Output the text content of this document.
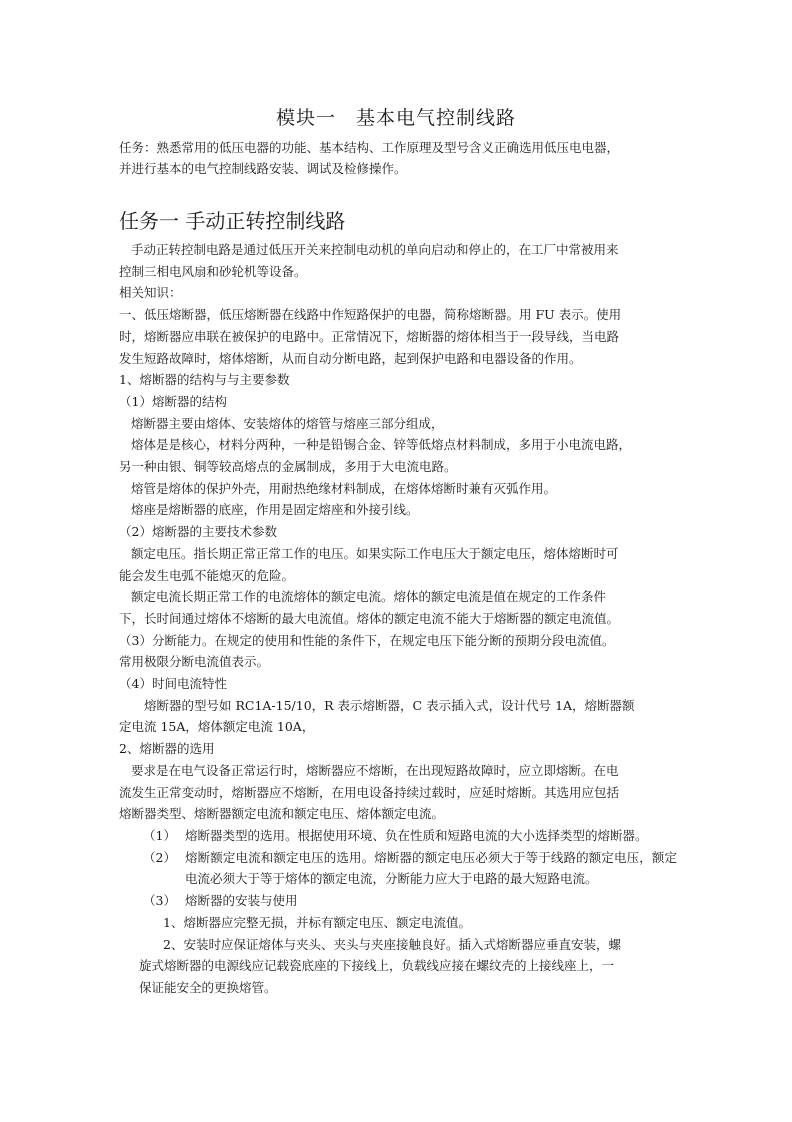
模块一　基本电气控制线路
任务：熟悉常用的低压电器的功能、基本结构、工作原理及型号含义正确选用低压电电器，
并进行基本的电气控制线路安装、调试及检修操作。
任务一 手动正转控制线路

手动正转控制电路是通过低压开关来控制电动机的单向启动和停止的，在工厂中常被用来

控制三相电风扇和砂轮机等设备。

相关知识：

一、低压熔断器，低压熔断器在线路中作短路保护的电器，简称熔断器。用 FU 表示。使用

时，熔断器应串联在被保护的电路中。正常情况下，熔断器的熔体相当于一段导线，当电路

发生短路故障时，熔体熔断，从而自动分断电路，起到保护电路和电器设备的作用。

1、熔断器的结构与与主要参数

（1）熔断器的结构

熔断器主要由熔体、安装熔体的熔管与熔座三部分组成，

熔体是是核心，材料分两种，一种是铅锡合金、锌等低熔点材料制成，多用于小电流电路，

另一种由银、铜等较高熔点的金属制成，多用于大电流电路。

熔管是熔体的保护外壳，用耐热绝缘材料制成，在熔体熔断时兼有灭弧作用。

熔座是熔断器的底座，作用是固定熔座和外接引线。

（2）熔断器的主要技术参数

额定电压。指长期正常正常工作的电压。如果实际工作电压大于额定电压，熔体熔断时可

能会发生电弧不能熄灭的危险。

额定电流长期正常工作的电流熔体的额定电流。熔体的额定电流是值在规定的工作条件

下，长时间通过熔体不熔断的最大电流值。熔体的额定电流不能大于熔断器的额定电流值。

（3）分断能力。在规定的使用和性能的条件下，在规定电压下能分断的预期分段电流值。

常用极限分断电流值表示。

（4）时间电流特性

熔断器的型号如 RC1A-15/10，R 表示熔断器，C 表示插入式，设计代号 1A，熔断器额

定电流 15A，熔体额定电流 10A，

2、熔断器的选用

要求是在电气设备正常运行时，熔断器应不熔断，在出现短路故障时，应立即熔断。在电

流发生正常变动时，熔断器应不熔断，在用电设备持续过载时，应延时熔断。其选用应包括

熔断器类型、熔断器额定电流和额定电压、熔体额定电流。

（1） 熔断器类型的选用。根据使用环境、负在性质和短路电流的大小选择类型的熔断器。
（2） 熔断额定电流和额定电压的选用。熔断器的额定电压必须大于等于线路的额定电压，额定电流必须大于等于熔体的额定电流，分断能力应大于电路的最大短路电流。
（3） 熔断器的安装与使用

1、熔断器应完整无损，并标有额定电压、额定电流值。

2、安装时应保证熔体与夹头、夹头与夹座接触良好。插入式熔断器应垂直安装，螺

旋式熔断器的电源线应记载瓷底座的下接线上，负载线应接在螺纹壳的上接线座上，一

保证能安全的更换熔管。
